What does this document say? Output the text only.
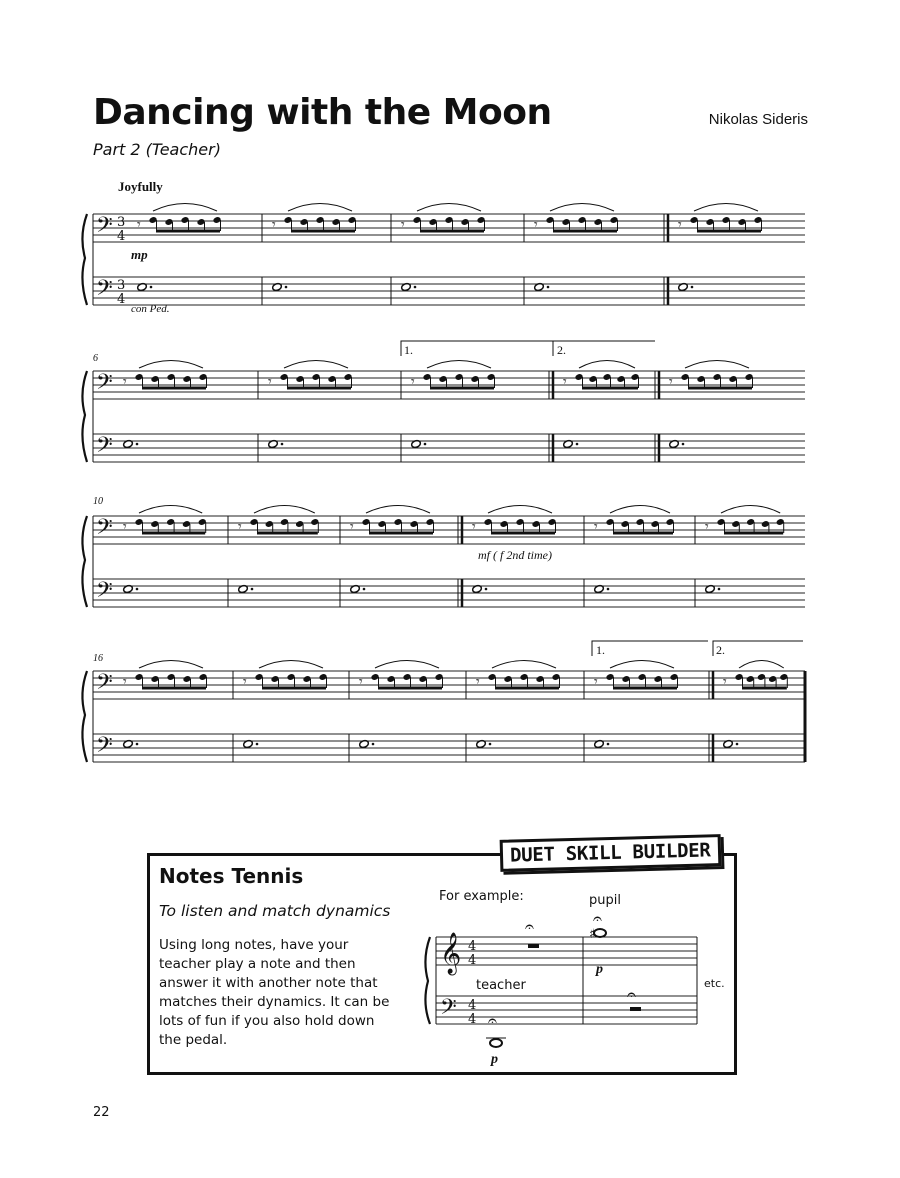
Dancing with the Moon	Nikolas Sideris
Part 2 (Teacher)
Joyfully
con Ped.
mp
mf ( f 2nd time)
6
10
16
1.	2.
1.	2.
𝄢
𝄢
3
4
3
4
𝄾	𝄾	𝄾	𝄾	𝄾
𝄢
𝄢
𝄾	𝄾	𝄾	𝄾	𝄾
𝄢
𝄢
𝄾	𝄾	𝄾	𝄾	𝄾	𝄾
𝄢
𝄢
𝄾	𝄾	𝄾	𝄾	𝄾	𝄾
𝄞
𝄢
4
4
4
4
𝄐	♯
𝄐
𝄐
𝄐
DUET SKILL BUILDER
Notes Tennis
To listen and match dynamics
Using long notes, have your teacher play a note and then answer it with another note that matches their dynamics. It can be lots of fun if you also hold down the pedal.
For example:	pupil
teacher	etc.
p
p
22
